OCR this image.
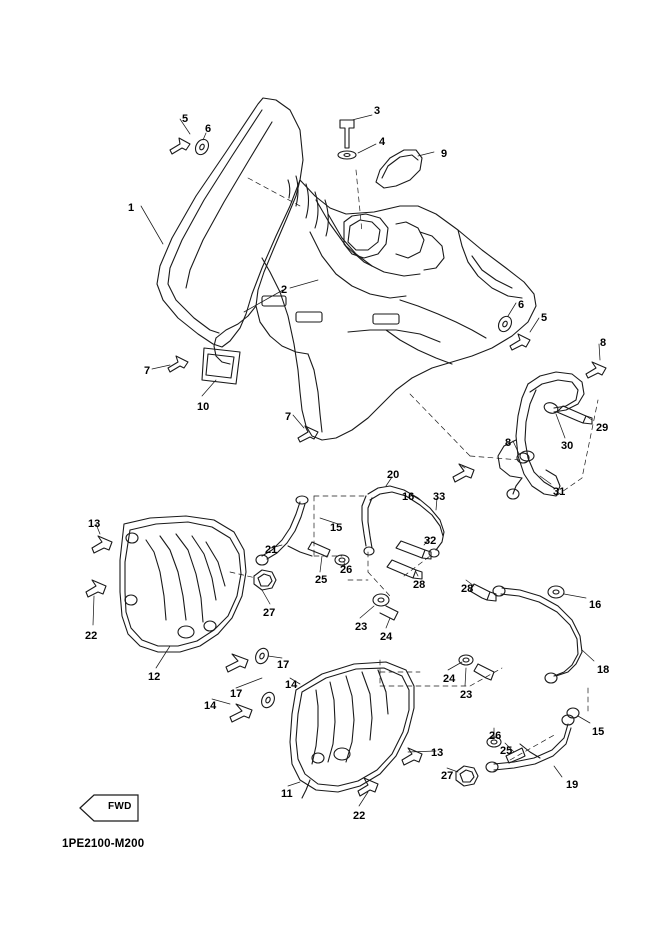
FWD
1PE2100-M200
1
2
3
4
5
6
9
6
5
8
29
30
7
10
7
8
31
20
16 33
32
15
13
21
26
25	28
27
22
23
24
28
16
18
12
17
24
23
14
17
14
15
26
25
13
27
19
11
22
